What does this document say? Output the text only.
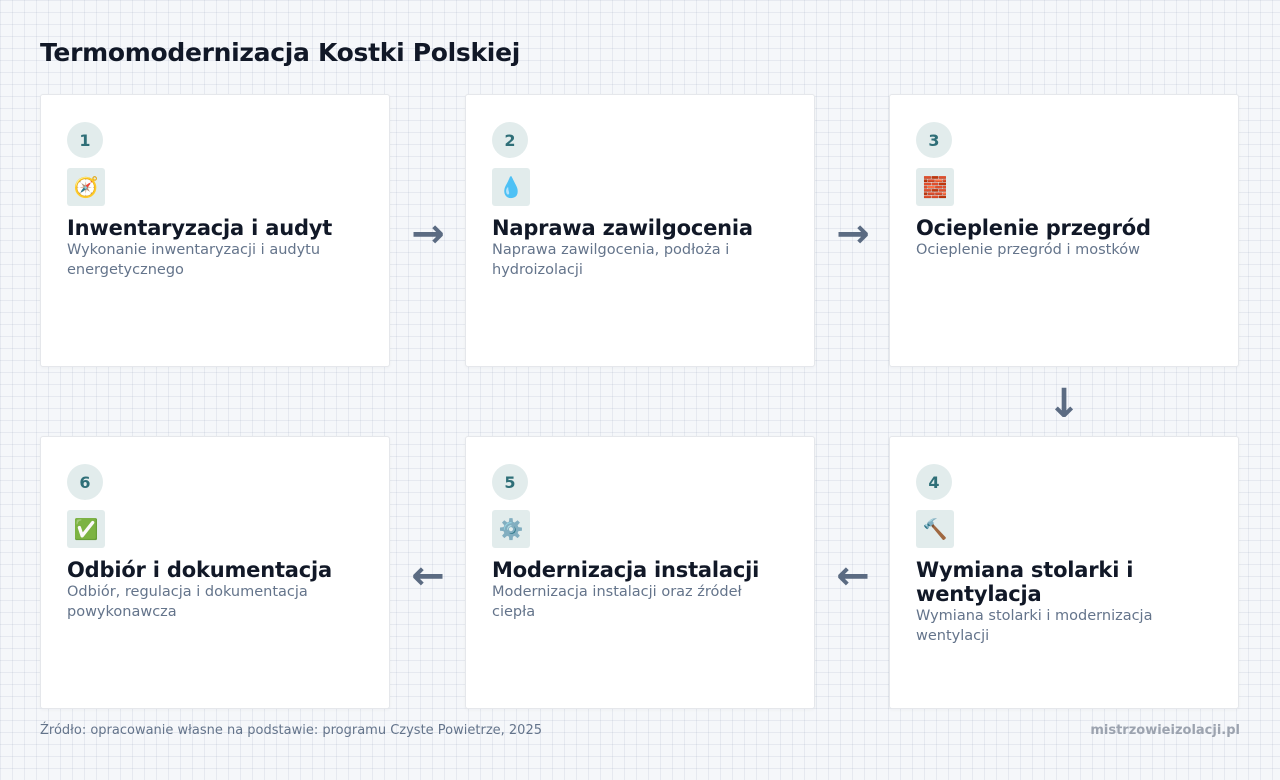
Termomodernizacja Kostki Polskiej
1
🧭
Inwentaryzacja i audyt
Wykonanie inwentaryzacji i audytu energetycznego
→
2
💧
Naprawa zawilgocenia
Naprawa zawilgocenia, podłoża i hydroizolacji
→
3
🧱
Ocieplenie przegród
Ocieplenie przegród i mostków
↓
6
✅
Odbiór i dokumentacja
Odbiór, regulacja i dokumentacja powykonawcza
←
5
⚙️
Modernizacja instalacji
Modernizacja instalacji oraz źródeł ciepła
←
4
🔨
Wymiana stolarki i wentylacja
Wymiana stolarki i modernizacja wentylacji
Źródło: opracowanie własne na podstawie: programu Czyste Powietrze, 2025	mistrzowieizolacji.pl
